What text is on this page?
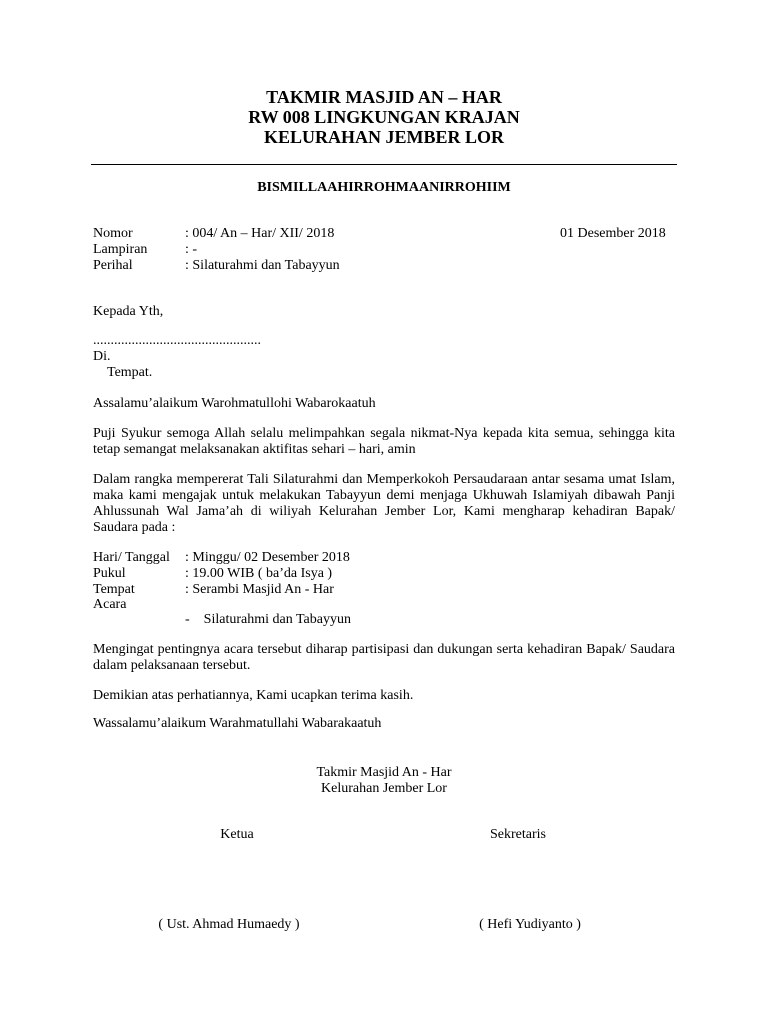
TAKMIR MASJID AN – HAR
RW 008 LINGKUNGAN KRAJAN
KELURAHAN JEMBER LOR
BISMILLAAHIRROHMAANIRROHIIM
Nomor	: 004/ An – Har/ XII/ 2018	01 Desember 2018
Lampiran	: -
Perihal	: Silaturahmi dan Tabayyun
Kepada Yth,
................................................
Di.
Tempat.
Assalamu’alaikum Warohmatullohi Wabarokaatuh
Puji Syukur semoga Allah selalu melimpahkan segala nikmat-Nya kepada kita semua, sehingga kita tetap semangat melaksanakan aktifitas sehari – hari, amin
Dalam rangka mempererat Tali Silaturahmi dan Memperkokoh Persaudaraan antar sesama umat Islam, maka kami mengajak untuk melakukan Tabayyun demi menjaga Ukhuwah Islamiyah dibawah Panji Ahlussunah Wal Jama’ah di wiliyah Kelurahan Jember Lor, Kami mengharap kehadiran Bapak/ Saudara pada :
Hari/ Tanggal : Minggu/ 02 Desember 2018
Pukul	: 19.00 WIB ( ba’da Isya )
Tempat	: Serambi Masjid An - Har
Acara
-    Silaturahmi dan Tabayyun
Mengingat pentingnya acara tersebut diharap partisipasi dan dukungan serta kehadiran Bapak/ Saudara dalam pelaksanaan tersebut.
Demikian atas perhatiannya, Kami ucapkan terima kasih.
Wassalamu’alaikum Warahmatullahi Wabarakaatuh
Takmir Masjid An - Har
Kelurahan Jember Lor
Ketua	Sekretaris
( Ust. Ahmad Humaedy )	( Hefi Yudiyanto )
